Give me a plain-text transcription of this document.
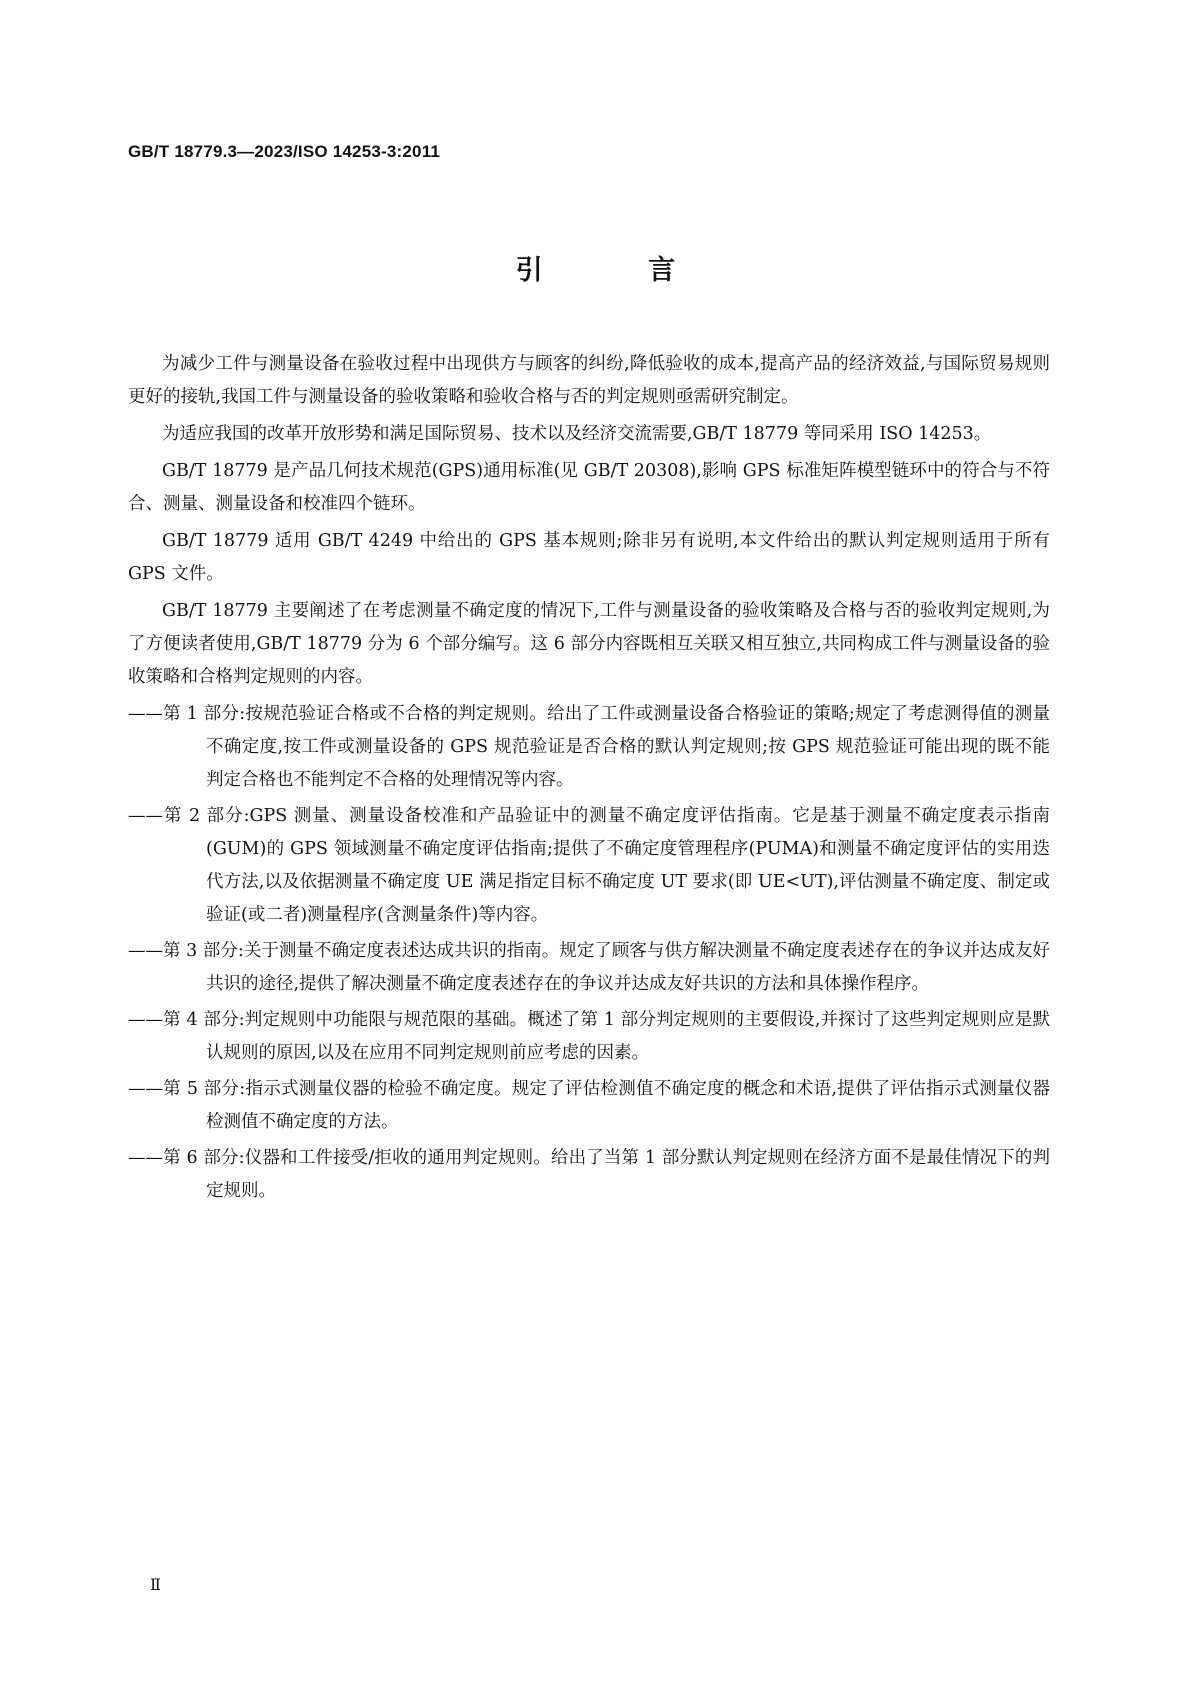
GB/T 18779.3—2023/ISO 14253-3:2011
引 言

为减少工件与测量设备在验收过程中出现供方与顾客的纠纷,降低验收的成本,提高产品的经济效益,与国际贸易规则更好的接轨,我国工件与测量设备的验收策略和验收合格与否的判定规则亟需研究制定。

为适应我国的改革开放形势和满足国际贸易、技术以及经济交流需要,GB/T 18779 等同采用 ISO 14253。

GB/T 18779 是产品几何技术规范(GPS)通用标准(见 GB/T 20308),影响 GPS 标准矩阵模型链环中的符合与不符合、测量、测量设备和校准四个链环。

GB/T 18779 适用 GB/T 4249 中给出的 GPS 基本规则;除非另有说明,本文件给出的默认判定规则适用于所有 GPS 文件。

GB/T 18779 主要阐述了在考虑测量不确定度的情况下,工件与测量设备的验收策略及合格与否的验收判定规则,为了方便读者使用,GB/T 18779 分为 6 个部分编写。这 6 部分内容既相互关联又相互独立,共同构成工件与测量设备的验收策略和合格判定规则的内容。

——第 1 部分:按规范验证合格或不合格的判定规则。给出了工件或测量设备合格验证的策略;规定了考虑测得值的测量不确定度,按工件或测量设备的 GPS 规范验证是否合格的默认判定规则;按 GPS 规范验证可能出现的既不能判定合格也不能判定不合格的处理情况等内容。
——第 2 部分:GPS 测量、测量设备校准和产品验证中的测量不确定度评估指南。它是基于测量不确定度表示指南(GUM)的 GPS 领域测量不确定度评估指南;提供了不确定度管理程序(PUMA)和测量不确定度评估的实用迭代方法,以及依据测量不确定度 UE 满足指定目标不确定度 UT 要求(即 UE<UT),评估测量不确定度、制定或验证(或二者)测量程序(含测量条件)等内容。
——第 3 部分:关于测量不确定度表述达成共识的指南。规定了顾客与供方解决测量不确定度表述存在的争议并达成友好共识的途径,提供了解决测量不确定度表述存在的争议并达成友好共识的方法和具体操作程序。
——第 4 部分:判定规则中功能限与规范限的基础。概述了第 1 部分判定规则的主要假设,并探讨了这些判定规则应是默认规则的原因,以及在应用不同判定规则前应考虑的因素。
——第 5 部分:指示式测量仪器的检验不确定度。规定了评估检测值不确定度的概念和术语,提供了评估指示式测量仪器检测值不确定度的方法。
——第 6 部分:仪器和工件接受/拒收的通用判定规则。给出了当第 1 部分默认判定规则在经济方面不是最佳情况下的判定规则。
Ⅱ
